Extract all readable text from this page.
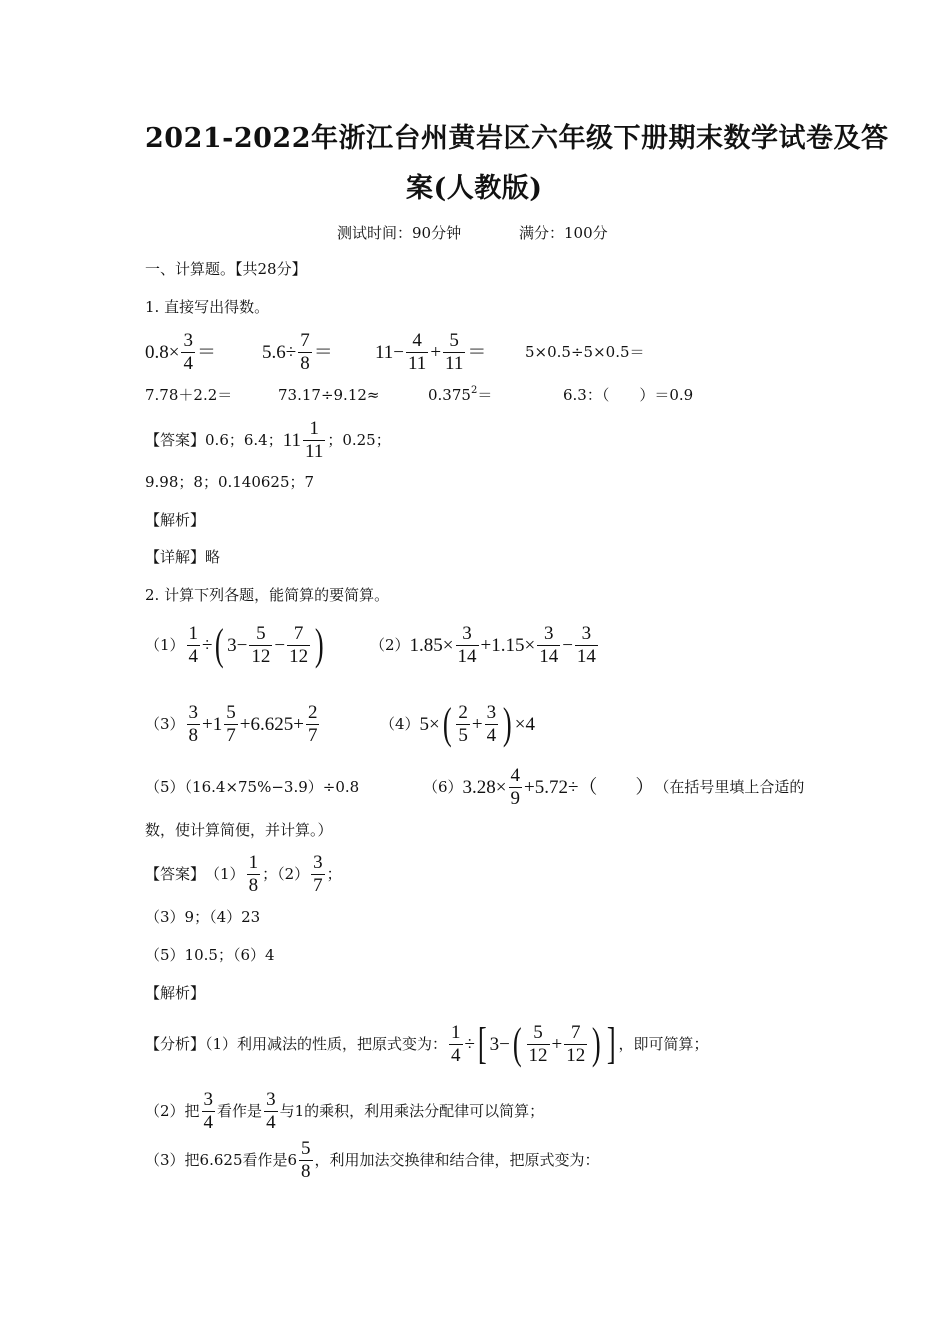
2021-2022年浙江台州黄岩区六年级下册期末数学试卷及答
案(人教版)
测试时间：90分钟	满分：100分
一、计算题。【共28分】
1. 直接写出得数。
$0.8\times \frac{3}{4} = 5.6\div \frac{7}{8} = 11- \frac{4}{11} + \frac{5}{11}$ ＝	5×0.5÷5×0.5＝
7.78＋2.2＝	73.17÷9.12≈	$0.375^2=$	6.3：（　　）＝0.9
【答案】 0.6；6.4； $11 \frac{1}{11}$ ；0.25；
9.98；8；0.140625；7
【解析】
【详解】略
2. 计算下列各题，能简算的要简算。
$(1) \frac{1}{4}$ ÷ ( $3- \frac{5}{12} - \frac{7}{12}$ )	（2） $1.85\times \frac{3}{14} +1.15\times \frac{3}{14} - \frac{3}{14}$
$(3) \frac{3}{8} +1 \frac{5}{7} +6.625+ \frac{2}{7}$	（4） 5× ( $\frac{2}{5} + \frac{3}{4}$ ) ×4
（5）（16.4×75%−3.9）÷0.8	（6） $3.28\times \frac{4}{9} +5.72\div$（　　） （在括号里填上合适的
数，使计算简便，并计算。）
【答案】 $(1) \frac{1}{8}$ ；$(2) \frac{3}{7}$ ；
（3）9；（4）23
（5）10.5；（6）4
【解析】
【分析】（1）利用减法的性质，把原式变为： $\frac{1}{4}$ ÷ [ 3− ( $\frac{5}{12} + \frac{7}{12}$ ) ] ，即可简算；
（2）把 $\frac{3}{4}$ 看作是 $\frac{3}{4}$ 与1的乘积，利用乘法分配律可以简算；
（3）把6.625看作是$6 \frac{5}{8}$ ，利用加法交换律和结合律，把原式变为：
